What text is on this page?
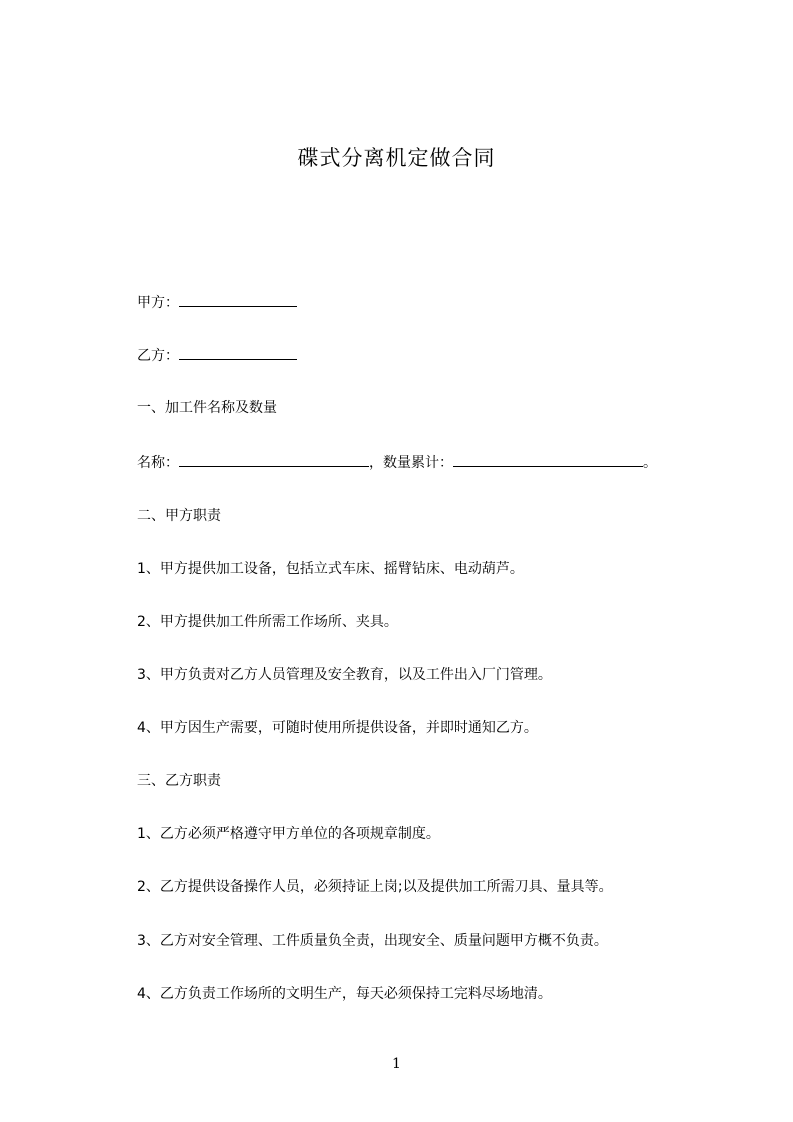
碟式分离机定做合同
甲方：
乙方：
一、加工件名称及数量
名称：	，数量累计：	。
二、甲方职责
1、甲方提供加工设备，包括立式车床、摇臂钻床、电动葫芦。
2、甲方提供加工件所需工作场所、夹具。
3、甲方负责对乙方人员管理及安全教育，以及工件出入厂门管理。
4、甲方因生产需要，可随时使用所提供设备，并即时通知乙方。
三、乙方职责
1、乙方必须严格遵守甲方单位的各项规章制度。
2、乙方提供设备操作人员，必须持证上岗;以及提供加工所需刀具、量具等。
3、乙方对安全管理、工件质量负全责，出现安全、质量问题甲方概不负责。
4、乙方负责工作场所的文明生产，每天必须保持工完料尽场地清。
1
